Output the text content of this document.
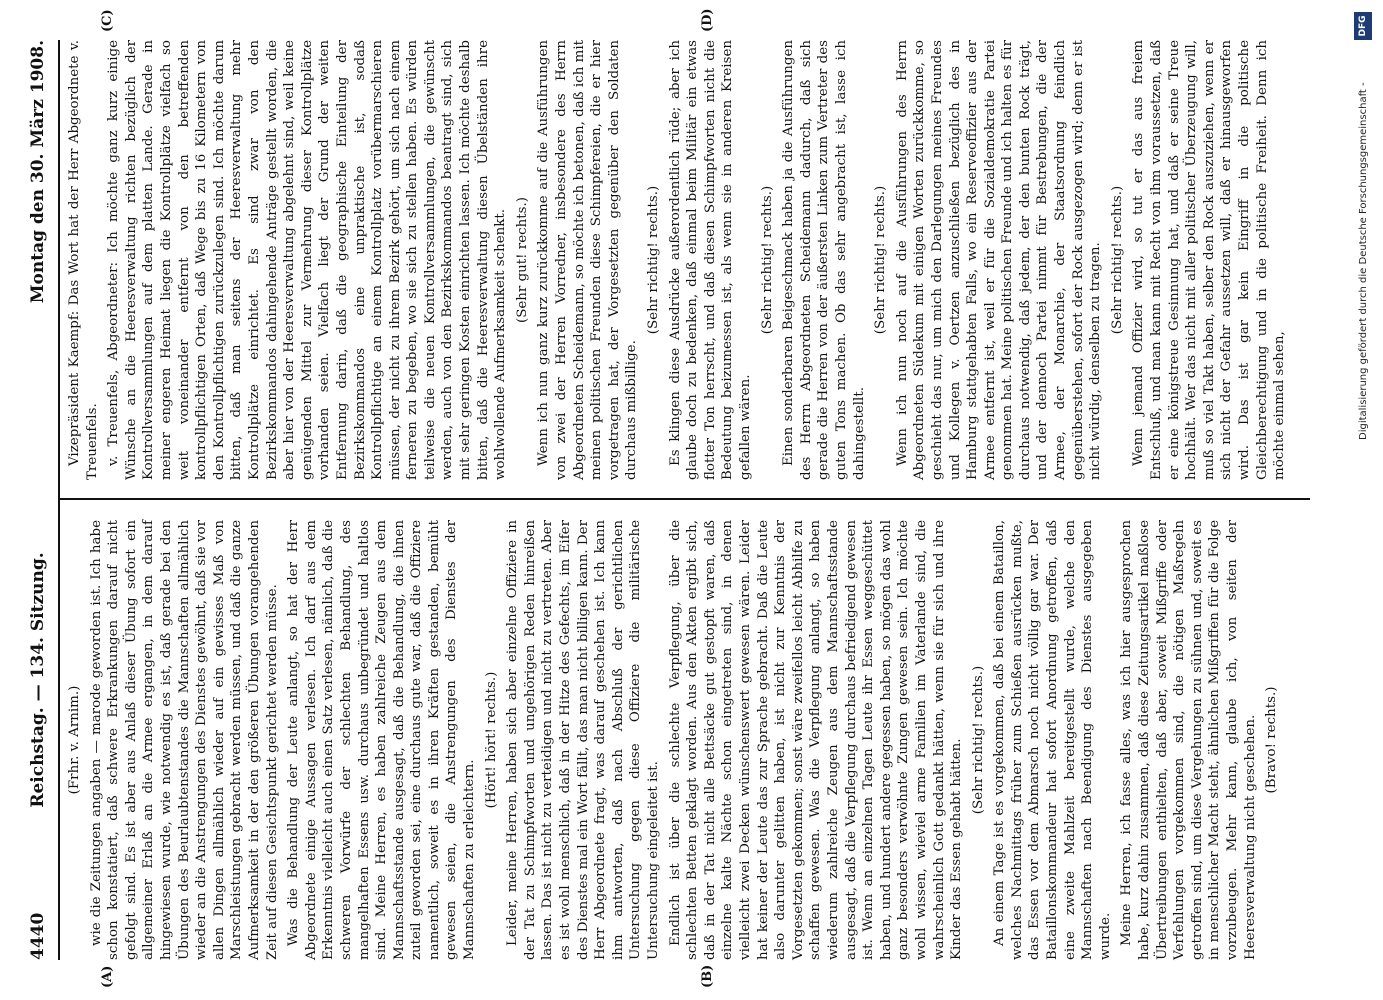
4440
Reichstag. — 134. Sitzung.
Montag den 30. März 1908.
(A)	(B)
(C)	(D)

(Frhr. v. Arnim.) wie die Zeitungen angaben — marode geworden ist. Ich habe schon konstatiert, daß schwere Erkrankungen darauf nicht gefolgt sind. Es ist aber aus Anlaß dieser Übung sofort ein allgemeiner Erlaß an die Armee ergangen, in dem darauf hingewiesen wurde, wie notwendig es ist, daß gerade bei den Übungen des Beurlaubtenstandes die Mannschaften allmählich wieder an die Anstrengungen des Dienstes gewöhnt, daß sie vor allen Dingen allmählich wieder auf ein gewisses Maß von Marschleistungen gebracht werden müssen, und daß die ganze Aufmerksamkeit in der den größeren Übungen vorangehenden Zeit auf diesen Gesichtspunkt gerichtet werden müsse. Was die Behandlung der Leute anlangt, so hat der Herr Abgeordnete einige Aussagen verlesen. Ich darf aus dem Erkenntnis vielleicht auch einen Satz verlesen, nämlich, daß die schweren Vorwürfe der schlechten Behandlung, des mangelhaften Essens usw. durchaus unbegründet und haltlos sind. Meine Herren, es haben zahlreiche Zeugen aus dem Mannschaftsstande ausgesagt, daß die Behandlung, die ihnen zuteil geworden sei, eine durchaus gute war, daß die Offiziere namentlich, soweit es in ihren Kräften gestanden, bemüht gewesen seien, die Anstrengungen des Dienstes der Mannschaften zu erleichtern.

(Hört! hört! rechts.) Leider, meine Herren, haben sich aber einzelne Offiziere in der Tat zu Schimpfworten und ungehörigen Reden hinreißen lassen. Das ist nicht zu verteidigen und nicht zu vertreten. Aber es ist wohl menschlich, daß in der Hitze des Gefechts, im Eifer des Dienstes mal ein Wort fällt, das man nicht billigen kann. Der Herr Abgeordnete fragt, was darauf geschehen ist. Ich kann ihm antworten, daß nach Abschluß der gerichtlichen Untersuchung gegen diese Offiziere die militärische Untersuchung eingeleitet ist. Endlich ist über die schlechte Verpflegung, über die schlechten Betten geklagt worden. Aus den Akten ergibt sich, daß in der Tat nicht alle Bettsäcke gut gestopft waren, daß einzelne kalte Nächte schon eingetreten sind, in denen vielleicht zwei Decken wünschenswert gewesen wären. Leider hat keiner der Leute das zur Sprache gebracht. Daß die Leute also darunter gelitten haben, ist nicht zur Kenntnis der Vorgesetzten gekommen; sonst wäre zweifellos leicht Abhilfe zu schaffen gewesen. Was die Verpflegung anlangt, so haben wiederum zahlreiche Zeugen aus dem Mannschaftsstande ausgesagt, daß die Verpflegung durchaus befriedigend gewesen ist. Wenn an einzelnen Tagen Leute ihr Essen weggeschüttet haben, und hundert andere gegessen haben, so mögen das wohl ganz besonders verwöhnte Zungen gewesen sein. Ich möchte wohl wissen, wieviel arme Familien im Vaterlande sind, die wahrscheinlich Gott gedankt hätten, wenn sie für sich und ihre Kinder das Essen gehabt hätten. (Sehr richtig! rechts.) An einem Tage ist es vorgekommen, daß bei einem Bataillon, welches Nachmittags früher zum Schießen ausrücken mußte, das Essen vor dem Abmarsch noch nicht völlig gar war. Der Bataillonskommandeur hat sofort Anordnung getroffen, daß eine zweite Mahlzeit bereitgestellt wurde, welche den Mannschaften nach Beendigung des Dienstes ausgegeben wurde. Meine Herren, ich fasse alles, was ich hier ausgesprochen habe, kurz dahin zusammen, daß diese Zeitungsartikel maßlose Übertreibungen enthielten, daß aber, soweit Mißgriffe oder Verfehlungen vorgekommen sind, die nötigen Maßregeln getroffen sind, um diese Vergehungen zu sühnen und, soweit es in menschlicher Macht steht, ähnlichen Mißgriffen für die Folge vorzubeugen. Mehr kann, glaube ich, von seiten der Heeresverwaltung nicht geschehen. (Bravo! rechts.)

Vizepräsident Kaempf: Das Wort hat der Herr Abgeordnete v. Treuenfels. v. Treuenfels, Abgeordneter: Ich möchte ganz kurz einige Wünsche an die Heeresverwaltung richten bezüglich der Kontrollversammlungen auf dem platten Lande. Gerade in meiner engeren Heimat liegen die Kontrollplätze vielfach so weit voneinander entfernt von den betreffenden kontrollpflichtigen Orten, daß Wege bis zu 16 Kilometern von den Kontrollpflichtigen zurückzulegen sind. Ich möchte darum bitten, daß man seitens der Heeresverwaltung mehr Kontrollplätze einrichtet. Es sind zwar von den Bezirkskommandos dahingehende Anträge gestellt worden, die aber hier von der Heeresverwaltung abgelehnt sind, weil keine genügenden Mittel zur Vermehrung dieser Kontrollplätze vorhanden seien. Vielfach liegt der Grund der weiten Entfernung darin, daß die geographische Einteilung der Bezirkskommandos eine unpraktische ist, sodaß Kontrollpflichtige an einem Kontrollplatz vorübermarschieren müssen, der nicht zu ihrem Bezirk gehört, um sich nach einem ferneren zu begeben, wo sie sich zu stellen haben. Es würden teilweise die neuen Kontrollversammlungen, die gewünscht werden, auch von den Bezirkskommandos beantragt sind, sich mit sehr geringen Kosten einrichten lassen. Ich möchte deshalb bitten, daß die Heeresverwaltung diesen Übelständen ihre wohlwollende Aufmerksamkeit schenkt. (Sehr gut! rechts.) Wenn ich nun ganz kurz zurückkomme auf die Ausführungen von zwei der Herren Vorredner, insbesondere des Herrn Abgeordneten Scheidemann, so möchte ich betonen, daß ich mit meinen politischen Freunden diese Schimpfereien, die er hier vorgetragen hat, der Vorgesetzten gegenüber den Soldaten durchaus mißbillige.

(Sehr richtig! rechts.) Es klingen diese Ausdrücke außerordentlich rüde; aber ich glaube doch zu bedenken, daß einmal beim Militär ein etwas flotter Ton herrscht, und daß diesen Schimpfworten nicht die Bedeutung beizumessen ist, als wenn sie in anderen Kreisen gefallen wären.

(Sehr richtig! rechts.) Einen sonderbaren Beigeschmack haben ja die Ausführungen des Herrn Abgeordneten Scheidemann dadurch, daß sich gerade die Herren von der äußersten Linken zum Vertreter des guten Tons machen. Ob das sehr angebracht ist, lasse ich dahingestellt.

(Sehr richtig! rechts.) Wenn ich nun noch auf die Ausführungen des Herrn Abgeordneten Südekum mit einigen Worten zurückkomme, so geschieht das nur, um mich den Darlegungen meines Freundes und Kollegen v. Oertzen anzuschließen bezüglich des in Hamburg stattgehabten Falls, wo ein Reserveoffizier aus der Armee entfernt ist, weil er für die Sozialdemokratie Partei genommen hat. Meine politischen Freunde und ich halten es für durchaus notwendig, daß jedem, der den bunten Rock trägt, und der dennoch Partei nimmt für Bestrebungen, die der Armee, der Monarchie, der Staatsordnung feindlich gegenüberstehen, sofort der Rock ausgezogen wird; denn er ist nicht würdig, denselben zu tragen. (Sehr richtig! rechts.) Wenn jemand Offizier wird, so tut er das aus freiem Entschluß, und man kann mit Recht von ihm voraussetzen, daß er eine königstreue Gesinnung hat, und daß er seine Treue hochhält. Wer das nicht mit aller politischer Überzeugung will, muß so viel Takt haben, selber den Rock auszuziehen, wenn er sich nicht der Gefahr aussetzen will, daß er hinausgeworfen wird. Das ist gar kein Eingriff in die politische Gleichberechtigung und in die politische Freiheit. Denn ich möchte einmal sehen,	Digitalisierung gefördert durch die Deutsche Forschungsgemeinschaft -
DFG
